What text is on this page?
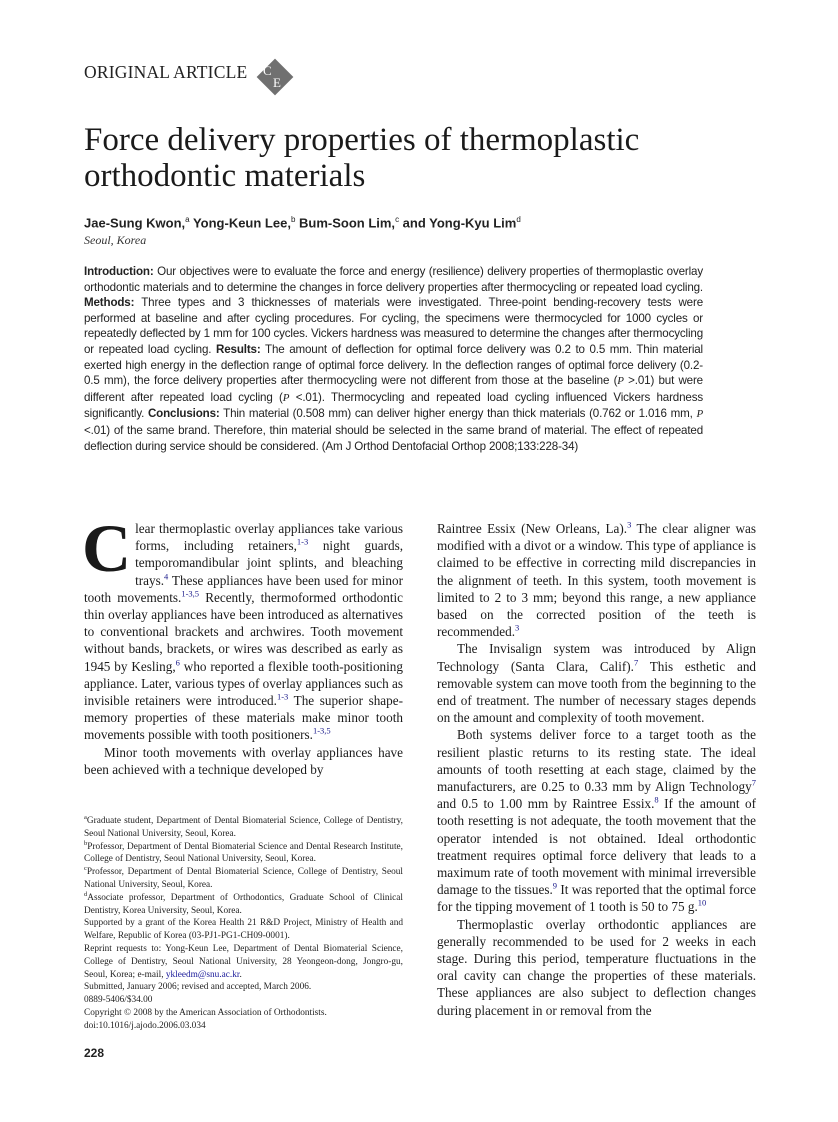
ORIGINAL ARTICLE C
E
Force delivery properties of thermoplastic orthodontic materials
Jae-Sung Kwon,$^a$ Yong-Keun Lee,$^b$ Bum-Soon Lim,$^c$ and Yong-Kyu Lim$^d$
Seoul, Korea
Introduction: Our objectives were to evaluate the force and energy (resilience) delivery properties of thermoplastic overlay orthodontic materials and to determine the changes in force delivery properties after thermocycling or repeated load cycling. Methods: Three types and 3 thicknesses of materials were investigated. Three-point bending-recovery tests were performed at baseline and after cycling procedures. For cycling, the specimens were thermocycled for 1000 cycles or repeatedly deflected by 1 mm for 100 cycles. Vickers hardness was measured to determine the changes after thermocycling or repeated load cycling. Results: The amount of deflection for optimal force delivery was 0.2 to 0.5 mm. Thin material exerted high energy in the deflection range of optimal force delivery. In the deflection ranges of optimal force delivery (0.2-0.5 mm), the force delivery properties after thermocycling were not different from those at the baseline (P >.01) but were different after repeated load cycling (P <.01). Thermocycling and repeated load cycling influenced Vickers hardness significantly. Conclusions: Thin material (0.508 mm) can deliver higher energy than thick materials (0.762 or 1.016 mm, P <.01) of the same brand. Therefore, thin material should be selected in the same brand of material. The effect of repeated deflection during service should be considered. (Am J Orthod Dentofacial Orthop 2008;133:228-34)

Clear thermoplastic overlay appliances take various forms, including retainers,$^{1-3}$ night guards, temporomandibular joint splints, and bleaching trays.$^4$ These appliances have been used for minor tooth movements.$^{1-3,5}$ Recently, thermoformed orthodontic thin overlay appliances have been introduced as alternatives to conventional brackets and archwires. Tooth movement without bands, brackets, or wires was described as early as 1945 by Kesling,$^6$ who reported a flexible tooth-positioning appliance. Later, various types of overlay appliances such as invisible retainers were introduced.$^{1-3}$ The superior shape-memory properties of these materials make minor tooth movements possible with tooth positioners.$^{1-3,5}$

Minor tooth movements with overlay appliances have been achieved with a technique developed by

$^a$Graduate student, Department of Dental Biomaterial Science, College of Dentistry, Seoul National University, Seoul, Korea.

$^b$Professor, Department of Dental Biomaterial Science and Dental Research Institute, College of Dentistry, Seoul National University, Seoul, Korea.

$^c$Professor, Department of Dental Biomaterial Science, College of Dentistry, Seoul National University, Seoul, Korea.

$^d$Associate professor, Department of Orthodontics, Graduate School of Clinical Dentistry, Korea University, Seoul, Korea.

Supported by a grant of the Korea Health 21 R&D Project, Ministry of Health and Welfare, Republic of Korea (03-PJ1-PG1-CH09-0001).

Reprint requests to: Yong-Keun Lee, Department of Dental Biomaterial Science, College of Dentistry, Seoul National University, 28 Yeongeon-dong, Jongro-gu, Seoul, Korea; e-mail, ykleedm@snu.ac.kr.

Submitted, January 2006; revised and accepted, March 2006.

0889-5406/$34.00

Copyright © 2008 by the American Association of Orthodontists.

doi:10.1016/j.ajodo.2006.03.034

Raintree Essix (New Orleans, La).$^3$ The clear aligner was modified with a divot or a window. This type of appliance is claimed to be effective in correcting mild discrepancies in the alignment of teeth. In this system, tooth movement is limited to 2 to 3 mm; beyond this range, a new appliance based on the corrected position of the teeth is recommended.$^3$

The Invisalign system was introduced by Align Technology (Santa Clara, Calif).$^7$ This esthetic and removable system can move tooth from the beginning to the end of treatment. The number of necessary stages depends on the amount and complexity of tooth movement.

Both systems deliver force to a target tooth as the resilient plastic returns to its resting state. The ideal amounts of tooth resetting at each stage, claimed by the manufacturers, are 0.25 to 0.33 mm by Align Technology$^7$ and 0.5 to 1.00 mm by Raintree Essix.$^8$ If the amount of tooth resetting is not adequate, the tooth movement that the operator intended is not obtained. Ideal orthodontic treatment requires optimal force delivery that leads to a maximum rate of tooth movement with minimal irreversible damage to the tissues.$^9$ It was reported that the optimal force for the tipping movement of 1 tooth is 50 to 75 g.$^{10}$

Thermoplastic overlay orthodontic appliances are generally recommended to be used for 2 weeks in each stage. During this period, temperature fluctuations in the oral cavity can change the properties of these materials. These appliances are also subject to deflection changes during placement in or removal from the

228
